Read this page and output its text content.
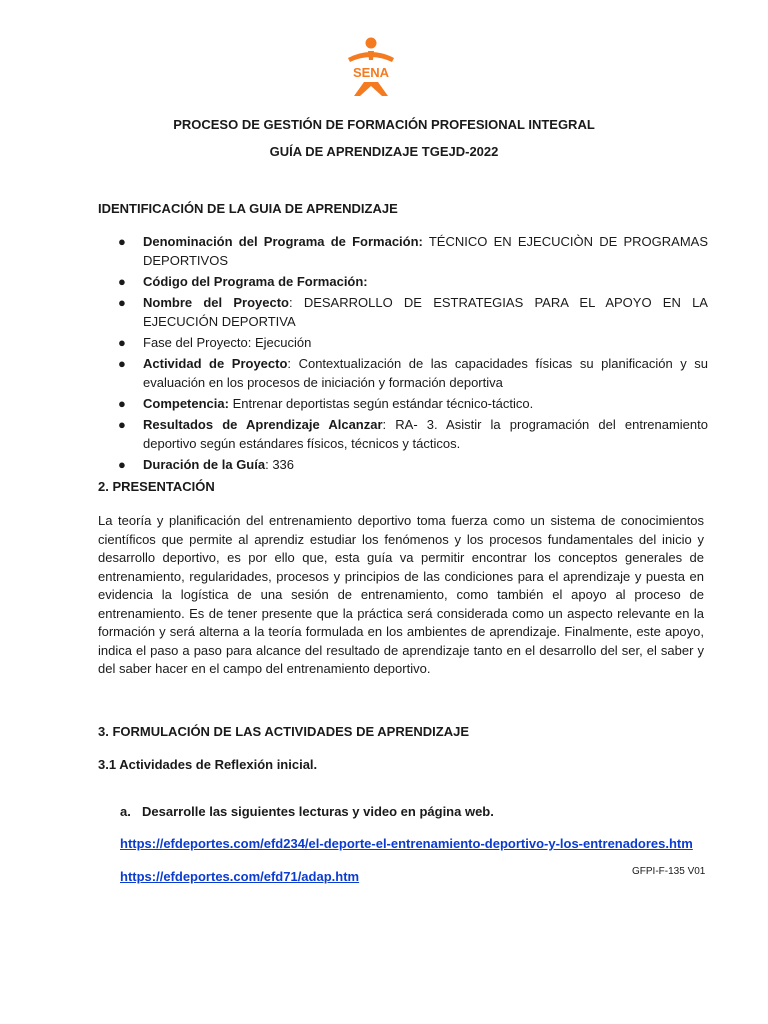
SENA
PROCESO DE GESTIÓN DE FORMACIÓN PROFESIONAL INTEGRAL
GUÍA DE APRENDIZAJE TGEJD-2022
IDENTIFICACIÓN DE LA GUIA DE APRENDIZAJE
● Denominación del Programa de Formación: TÉCNICO EN EJECUCIÒN DE PROGRAMAS DEPORTIVOS
● Código del Programa de Formación:
● Nombre del Proyecto: DESARROLLO DE ESTRATEGIAS PARA EL APOYO EN LA EJECUCIÓN DEPORTIVA
● Fase del Proyecto: Ejecución
● Actividad de Proyecto: Contextualización de las capacidades físicas su planificación y su evaluación en los procesos de iniciación y formación deportiva
● Competencia: Entrenar deportistas según estándar técnico-táctico.
● Resultados de Aprendizaje Alcanzar: RA- 3. Asistir la programación del entrenamiento deportivo según estándares físicos, técnicos y tácticos.
● Duración de la Guía: 336
2. PRESENTACIÓN

La teoría y planificación del entrenamiento deportivo toma fuerza como un sistema de conocimientos científicos que permite al aprendiz estudiar los fenómenos y los procesos fundamentales del inicio y desarrollo deportivo, es por ello que, esta guía va permitir encontrar los conceptos generales de entrenamiento, regularidades, procesos y principios de las condiciones para el aprendizaje y puesta en evidencia la logística de una sesión de entrenamiento, como también el apoyo al proceso de entrenamiento. Es de tener presente que la práctica será considerada como un aspecto relevante en la formación y será alterna a la teoría formulada en los ambientes de aprendizaje. Finalmente, este apoyo, indica el paso a paso para alcance del resultado de aprendizaje tanto en el desarrollo del ser, el saber y del saber hacer en el campo del entrenamiento deportivo.

3. FORMULACIÓN DE LAS ACTIVIDADES DE APRENDIZAJE
3.1 Actividades de Reflexión inicial.
a. Desarrolle las siguientes lecturas y video en página web.
https://efdeportes.com/efd234/el-deporte-el-entrenamiento-deportivo-y-los-entrenadores.htm
https://efdeportes.com/efd71/adap.htm	GFPI-F-135 V01
